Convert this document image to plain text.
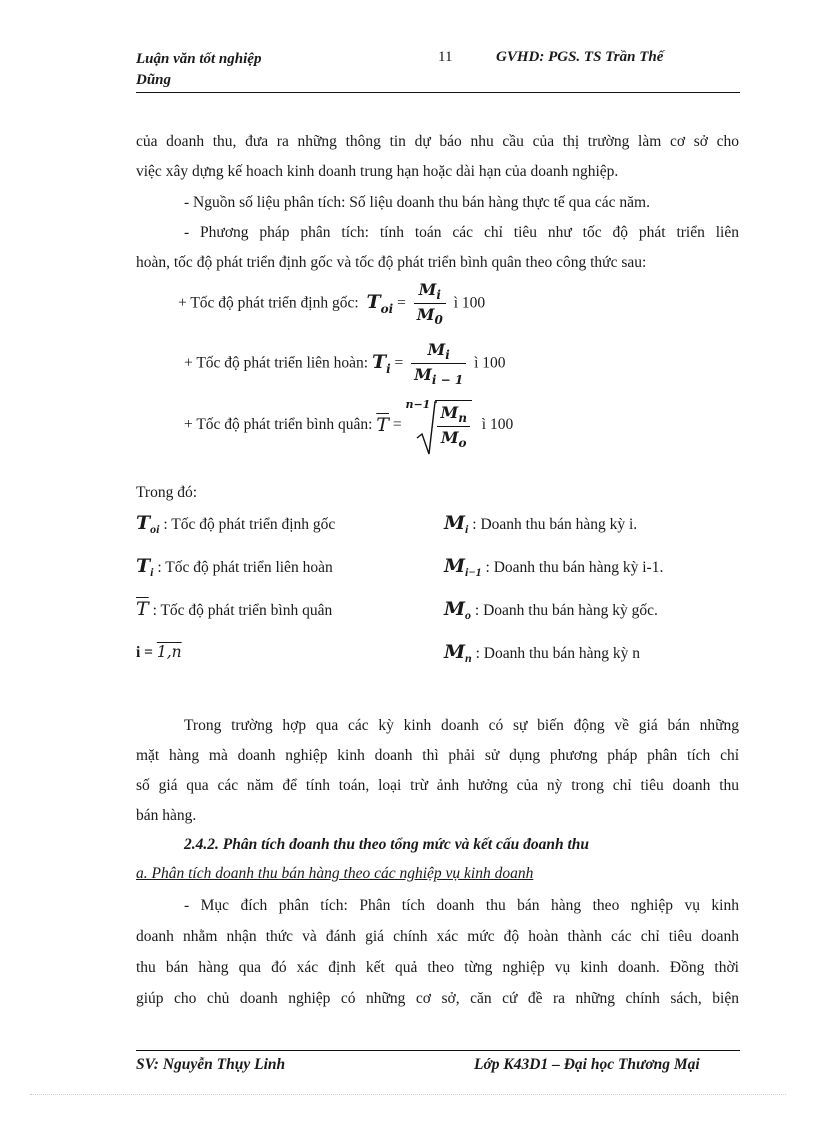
Luận văn tốt nghiệp
Dũng
11	GVHD: PGS. TS Trần Thế
của doanh thu, đưa ra những thông tin dự báo nhu cầu của thị trường làm cơ sở cho
việc xây dựng kế hoach kinh doanh trung hạn hoặc dài hạn của doanh nghiệp.
- Nguồn số liệu phân tích: Số liệu doanh thu bán hàng thực tế qua các năm.
- Phương pháp phân tích: tính toán các chỉ tiêu như tốc độ phát triển liên
hoàn, tốc độ phát triển định gốc và tốc độ phát triển bình quân theo công thức sau:
+ Tốc độ phát triển định gốc: $T_{oi} = \frac{M_i}{M_0}$ ì 100
+ Tốc độ phát triển liên hoàn: $T_i = \frac{M_i}{M_{i - 1}}$ ì 100
+ Tốc độ phát triển bình quân: $\overline{T}$ =
$n-1 \frac{M_n}{M_o}$ ì 100
Trong đó:
$T_{oi}$ : Tốc độ phát triển định gốc	$M_i$ : Doanh thu bán hàng kỳ i.
$T_i$ : Tốc độ phát triển liên hoàn	$M_{i-1}$ : Doanh thu bán hàng kỳ i-1.
$\overline{T}$ : Tốc độ phát triển bình quân	$M_o$ : Doanh thu bán hàng kỳ gốc.
i = 1,n	$M_n$ : Doanh thu bán hàng kỳ n
Trong trường hợp qua các kỳ kinh doanh có sự biến động về giá bán những
mặt hàng mà doanh nghiệp kinh doanh thì phải sử dụng phương pháp phân tích chỉ
số giá qua các năm để tính toán, loại trừ ảnh hưởng của nỳ trong chỉ tiêu doanh thu
bán hàng.
2.4.2. Phân tích đoanh thu theo tổng mức và kết cấu đoanh thu
a. Phân tích doanh thu bán hàng theo các nghiệp vụ kinh doanh
- Mục đích phân tích: Phân tích doanh thu bán hàng theo nghiệp vụ kinh
doanh nhằm nhận thức và đánh giá chính xác mức độ hoàn thành các chỉ tiêu doanh
thu bán hàng qua đó xác định kết quả theo từng nghiệp vụ kinh doanh. Đồng thời
giúp cho chủ doanh nghiệp có những cơ sở, căn cứ đề ra những chính sách, biện
SV: Nguyễn Thụy Linh	Lớp K43D1 – Đại học Thương Mại
